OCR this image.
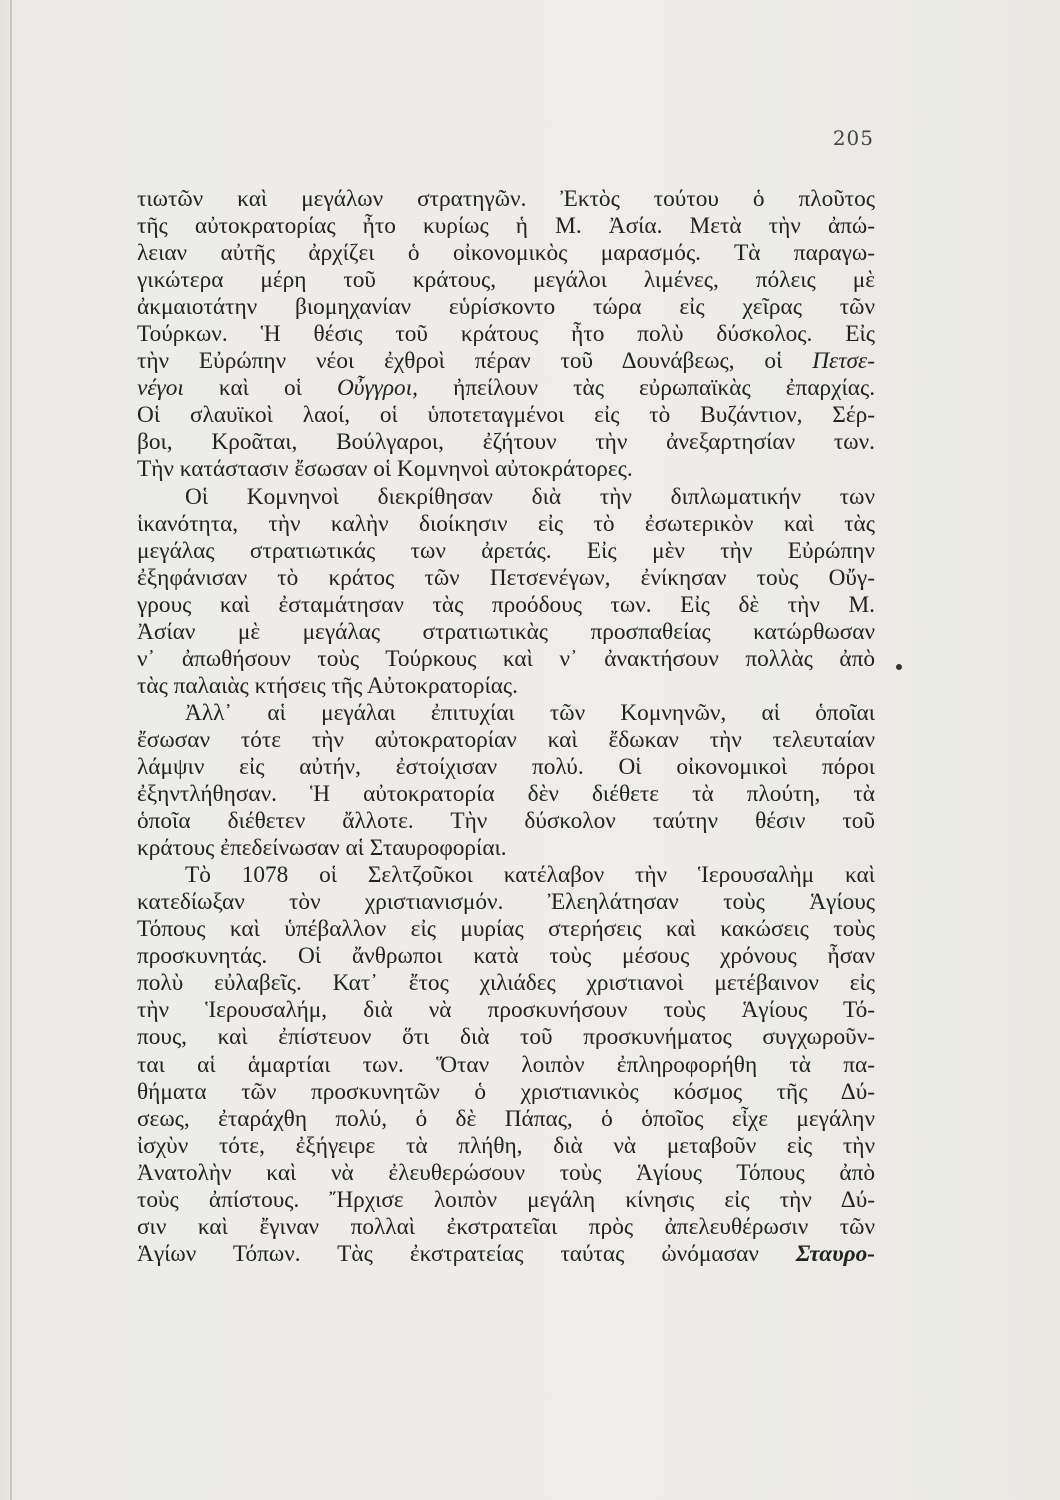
205
τιωτῶν καὶ μεγάλων στρατηγῶν. Ἐκτὸς τούτου ὁ πλοῦτος
τῆς αὐτοκρατορίας ἦτο κυρίως ἡ Μ. Ἀσία. Μετὰ τὴν ἀπώ-
λειαν αὐτῆς ἀρχίζει ὁ οἰκονομικὸς μαρασμός. Τὰ παραγω-
γικώτερα μέρη τοῦ κράτους, μεγάλοι λιμένες, πόλεις μὲ
ἀκμαιοτάτην βιομηχανίαν εὑρίσκοντο τώρα εἰς χεῖρας τῶν
Τούρκων. Ἡ θέσις τοῦ κράτους ἦτο πολὺ δύσκολος. Εἰς
τὴν Εὐρώπην νέοι ἐχθροὶ πέραν τοῦ Δουνάβεως, οἱ Πετσε-
νέγοι καὶ οἱ Οὖγγροι, ἠπείλουν τὰς εὐρωπαϊκὰς ἐπαρχίας.
Οἱ σλαυϊκοὶ λαοί, οἱ ὑποτεταγμένοι εἰς τὸ Βυζάντιον, Σέρ-
βοι, Κροᾶται, Βούλγαροι, ἐζήτουν τὴν ἀνεξαρτησίαν των.
Τὴν κατάστασιν ἔσωσαν οἱ Κομνηνοὶ αὐτοκράτορες.
Οἱ Κομνηνοὶ διεκρίθησαν διὰ τὴν διπλωματικήν των
ἱκανότητα, τὴν καλὴν διοίκησιν εἰς τὸ ἐσωτερικὸν καὶ τὰς
μεγάλας στρατιωτικάς των ἀρετάς. Εἰς μὲν τὴν Εὐρώπην
ἐξηφάνισαν τὸ κράτος τῶν Πετσενέγων, ἐνίκησαν τοὺς Οὔγ-
γρους καὶ ἐσταμάτησαν τὰς προόδους των. Εἰς δὲ τὴν Μ.
Ἀσίαν μὲ μεγάλας στρατιωτικὰς προσπαθείας κατώρθωσαν
ν᾽ ἀπωθήσουν τοὺς Τούρκους καὶ ν᾽ ἀνακτήσουν πολλὰς ἀπὸ
τὰς παλαιὰς κτήσεις τῆς Αὐτοκρατορίας.
Ἀλλ᾽ αἱ μεγάλαι ἐπιτυχίαι τῶν Κομνηνῶν, αἱ ὁποῖαι
ἔσωσαν τότε τὴν αὐτοκρατορίαν καὶ ἔδωκαν τὴν τελευταίαν
λάμψιν εἰς αὐτήν, ἐστοίχισαν πολύ. Οἱ οἰκονομικοὶ πόροι
ἐξηντλήθησαν. Ἡ αὐτοκρατορία δὲν διέθετε τὰ πλούτη, τὰ
ὁποῖα διέθετεν ἄλλοτε. Τὴν δύσκολον ταύτην θέσιν τοῦ
κράτους ἐπεδείνωσαν αἱ Σταυροφορίαι.
Τὸ 1078 οἱ Σελτζοῦκοι κατέλαβον τὴν Ἱερουσαλὴμ καὶ
κατεδίωξαν τὸν χριστιανισμόν. Ἐλεηλάτησαν τοὺς Ἁγίους
Τόπους καὶ ὑπέβαλλον εἰς μυρίας στερήσεις καὶ κακώσεις τοὺς
προσκυνητάς. Οἱ ἄνθρωποι κατὰ τοὺς μέσους χρόνους ἦσαν
πολὺ εὐλαβεῖς. Κατ᾽ ἔτος χιλιάδες χριστιανοὶ μετέβαινον εἰς
τὴν Ἱερουσαλήμ, διὰ νὰ προσκυνήσουν τοὺς Ἁγίους Τό-
πους, καὶ ἐπίστευον ὅτι διὰ τοῦ προσκυνήματος συγχωροῦν-
ται αἱ ἁμαρτίαι των. Ὅταν λοιπὸν ἐπληροφορήθη τὰ πα-
θήματα τῶν προσκυνητῶν ὁ χριστιανικὸς κόσμος τῆς Δύ-
σεως, ἐταράχθη πολύ, ὁ δὲ Πάπας, ὁ ὁποῖος εἶχε μεγάλην
ἰσχὺν τότε, ἐξήγειρε τὰ πλήθη, διὰ νὰ μεταβοῦν εἰς τὴν
Ἀνατολὴν καὶ νὰ ἐλευθερώσουν τοὺς Ἁγίους Τόπους ἀπὸ
τοὺς ἀπίστους. Ἤρχισε λοιπὸν μεγάλη κίνησις εἰς τὴν Δύ-
σιν καὶ ἔγιναν πολλαὶ ἐκστρατεῖαι πρὸς ἀπελευθέρωσιν τῶν
Ἁγίων Τόπων. Τὰς ἐκστρατείας ταύτας ὠνόμασαν Σταυρο-
